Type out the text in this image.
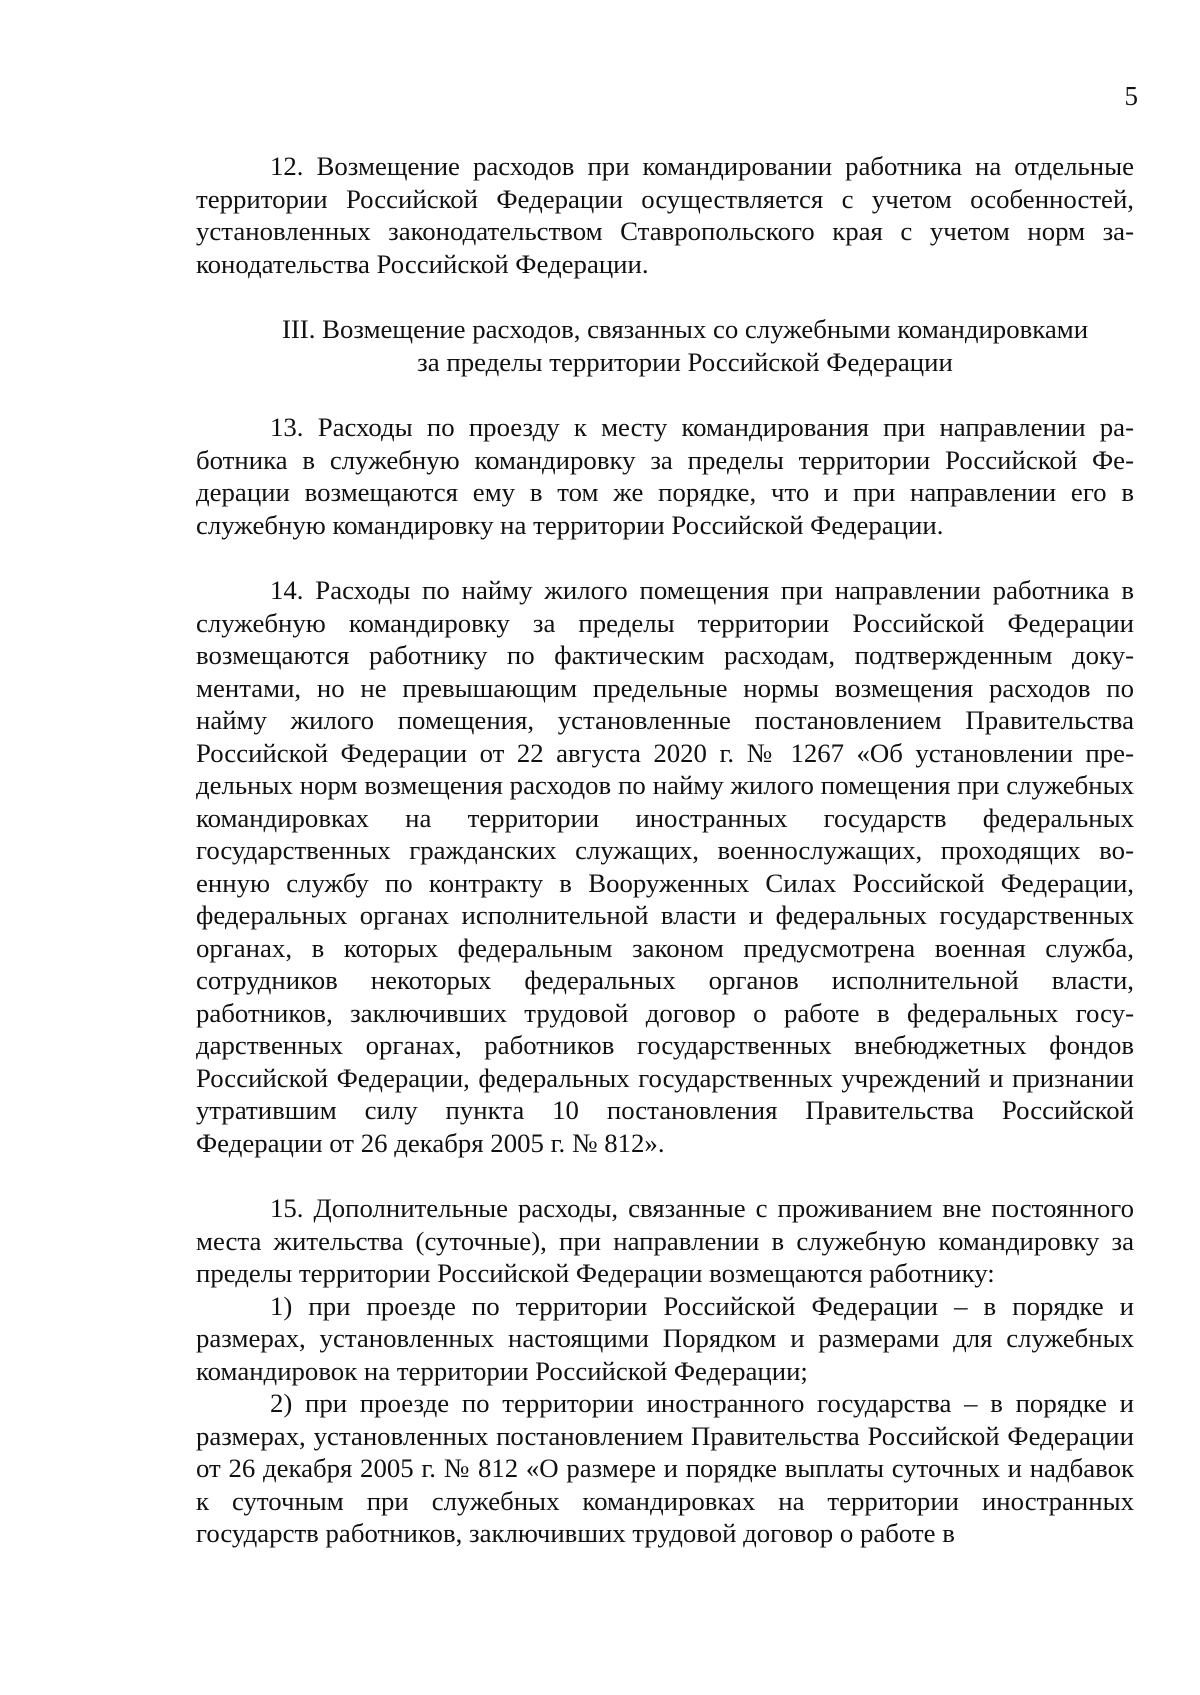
5

12. Возмещение расходов при командировании работника на отдельные территории Российской Федерации осуществляется с учетом особенностей, установленных законодательством Ставропольского края с учетом норм законодательства Российской Федерации.

III. Возмещение расходов, связанных со служебными командировками
за пределы территории Российской Федерации

13. Расходы по проезду к месту командирования при направлении работника в служебную командировку за пределы территории Российской Федерации возмещаются ему в том же порядке, что и при направлении его в служебную командировку на территории Российской Федерации.

14. Расходы по найму жилого помещения при направлении работника в служебную командировку за пределы территории Российской Федерации возмещаются работнику по фактическим расходам, подтвержденным документами, но не превышающим предельные нормы возмещения расходов по найму жилого помещения, установленные постановлением Правительства Российской Федерации от 22 августа 2020 г. № 1267 «Об установлении предельных норм возмещения расходов по найму жилого помещения при служебных командировках на территории иностранных государств федеральных государственных гражданских служащих, военнослужащих, проходящих военную службу по контракту в Вооруженных Силах Российской Федерации, федеральных органах исполнительной власти и федеральных государственных органах, в которых федеральным законом предусмотрена военная служба, сотрудников некоторых федеральных органов исполнительной власти, работников, заключивших трудовой договор о работе в федеральных государственных органах, работников государственных внебюджетных фондов Российской Федерации, федеральных государственных учреждений и признании утратившим силу пункта 10 постановления Правительства Российской Федерации от 26 декабря 2005 г. № 812».

15. Дополнительные расходы, связанные с проживанием вне постоянного места жительства (суточные), при направлении в служебную командировку за пределы территории Российской Федерации возмещаются работнику:

1) при проезде по территории Российской Федерации – в порядке и размерах, установленных настоящими Порядком и размерами для служебных командировок на территории Российской Федерации;

2) при проезде по территории иностранного государства – в порядке и размерах, установленных постановлением Правительства Российской Федерации от 26 декабря 2005 г. № 812 «О размере и порядке выплаты суточных и надбавок к суточным при служебных командировках на территории иностранных государств работников, заключивших трудовой договор о работе в
